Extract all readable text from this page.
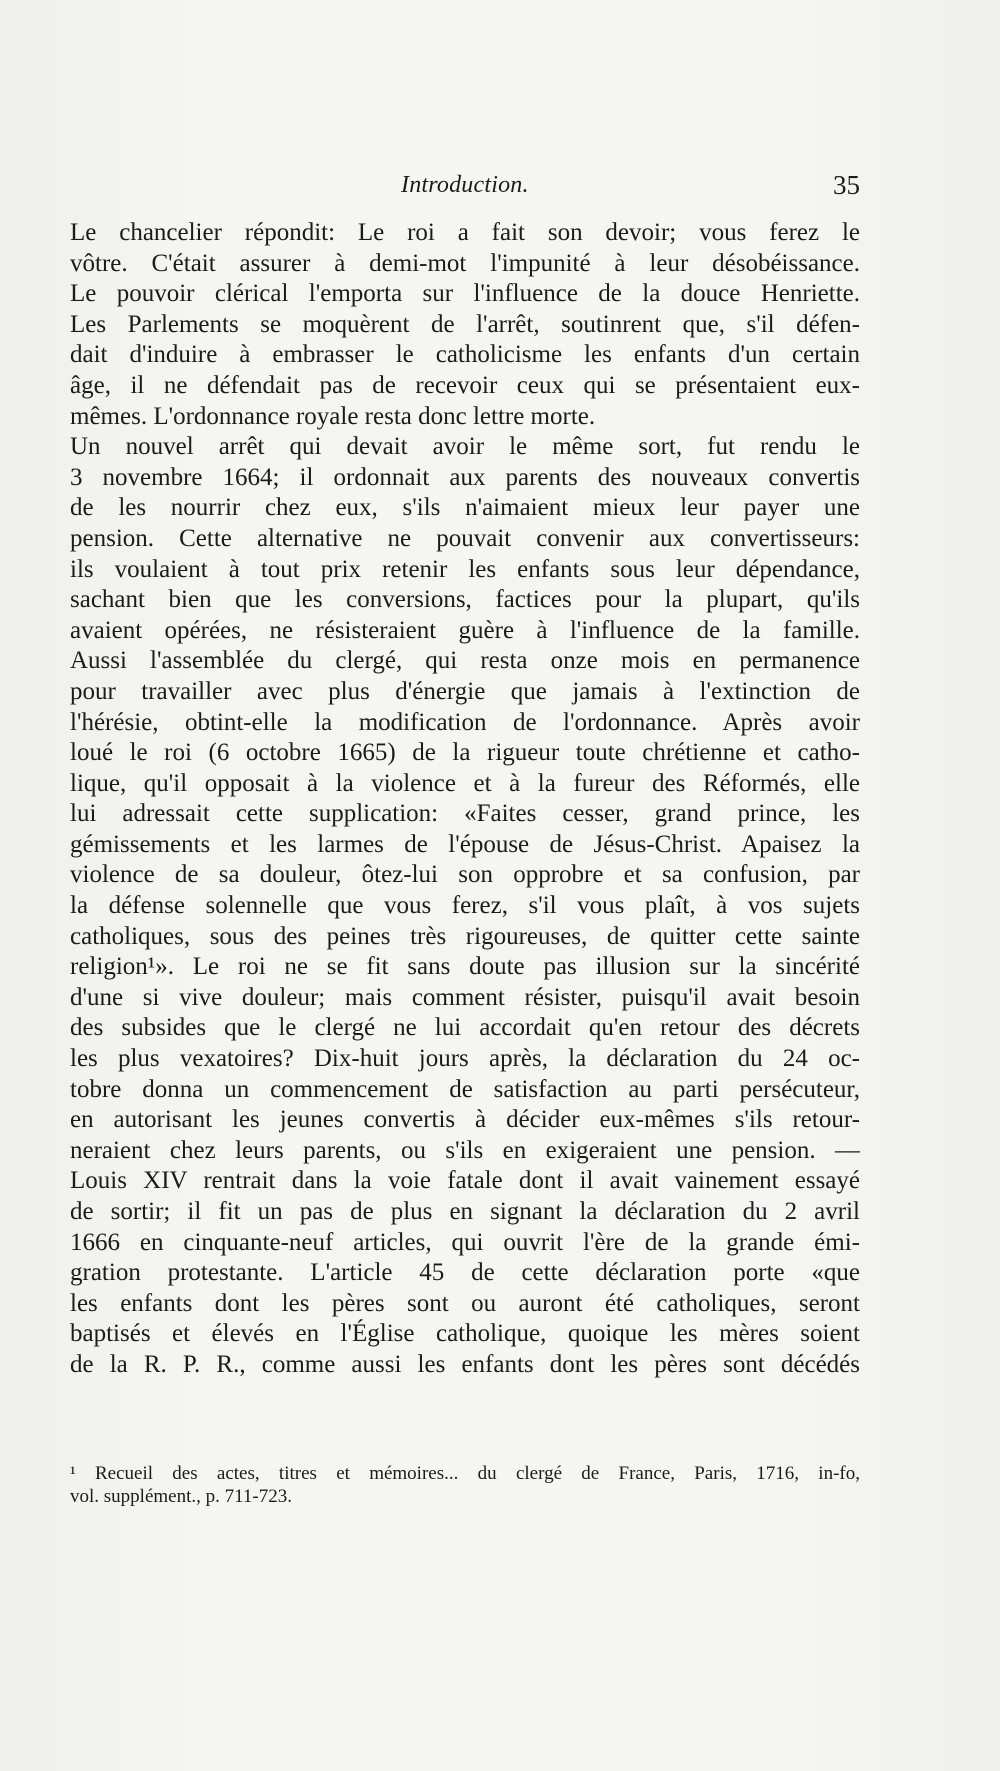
Introduction.	35
Le chancelier répondit: Le roi a fait son devoir; vous ferez le
vôtre. C'était assurer à demi-mot l'impunité à leur désobéissance.
Le pouvoir clérical l'emporta sur l'influence de la douce Henriette.
Les Parlements se moquèrent de l'arrêt, soutinrent que, s'il défen-
dait d'induire à embrasser le catholicisme les enfants d'un certain
âge, il ne défendait pas de recevoir ceux qui se présentaient eux-
mêmes. L'ordonnance royale resta donc lettre morte.
Un nouvel arrêt qui devait avoir le même sort, fut rendu le
3 novembre 1664; il ordonnait aux parents des nouveaux convertis
de les nourrir chez eux, s'ils n'aimaient mieux leur payer une
pension. Cette alternative ne pouvait convenir aux convertisseurs:
ils voulaient à tout prix retenir les enfants sous leur dépendance,
sachant bien que les conversions, factices pour la plupart, qu'ils
avaient opérées, ne résisteraient guère à l'influence de la famille.
Aussi l'assemblée du clergé, qui resta onze mois en permanence
pour travailler avec plus d'énergie que jamais à l'extinction de
l'hérésie, obtint-elle la modification de l'ordonnance. Après avoir
loué le roi (6 octobre 1665) de la rigueur toute chrétienne et catho-
lique, qu'il opposait à la violence et à la fureur des Réformés, elle
lui adressait cette supplication: «Faites cesser, grand prince, les
gémissements et les larmes de l'épouse de Jésus-Christ. Apaisez la
violence de sa douleur, ôtez-lui son opprobre et sa confusion, par
la défense solennelle que vous ferez, s'il vous plaît, à vos sujets
catholiques, sous des peines très rigoureuses, de quitter cette sainte
religion¹». Le roi ne se fit sans doute pas illusion sur la sincérité
d'une si vive douleur; mais comment résister, puisqu'il avait besoin
des subsides que le clergé ne lui accordait qu'en retour des décrets
les plus vexatoires? Dix-huit jours après, la déclaration du 24 oc-
tobre donna un commencement de satisfaction au parti persécuteur,
en autorisant les jeunes convertis à décider eux-mêmes s'ils retour-
neraient chez leurs parents, ou s'ils en exigeraient une pension. —
Louis XIV rentrait dans la voie fatale dont il avait vainement essayé
de sortir; il fit un pas de plus en signant la déclaration du 2 avril
1666 en cinquante-neuf articles, qui ouvrit l'ère de la grande émi-
gration protestante. L'article 45 de cette déclaration porte «que
les enfants dont les pères sont ou auront été catholiques, seront
baptisés et élevés en l'Église catholique, quoique les mères soient
de la R. P. R., comme aussi les enfants dont les pères sont décédés
¹ Recueil des actes, titres et mémoires... du clergé de France, Paris, 1716, in-fo,
vol. supplément., p. 711-723.
